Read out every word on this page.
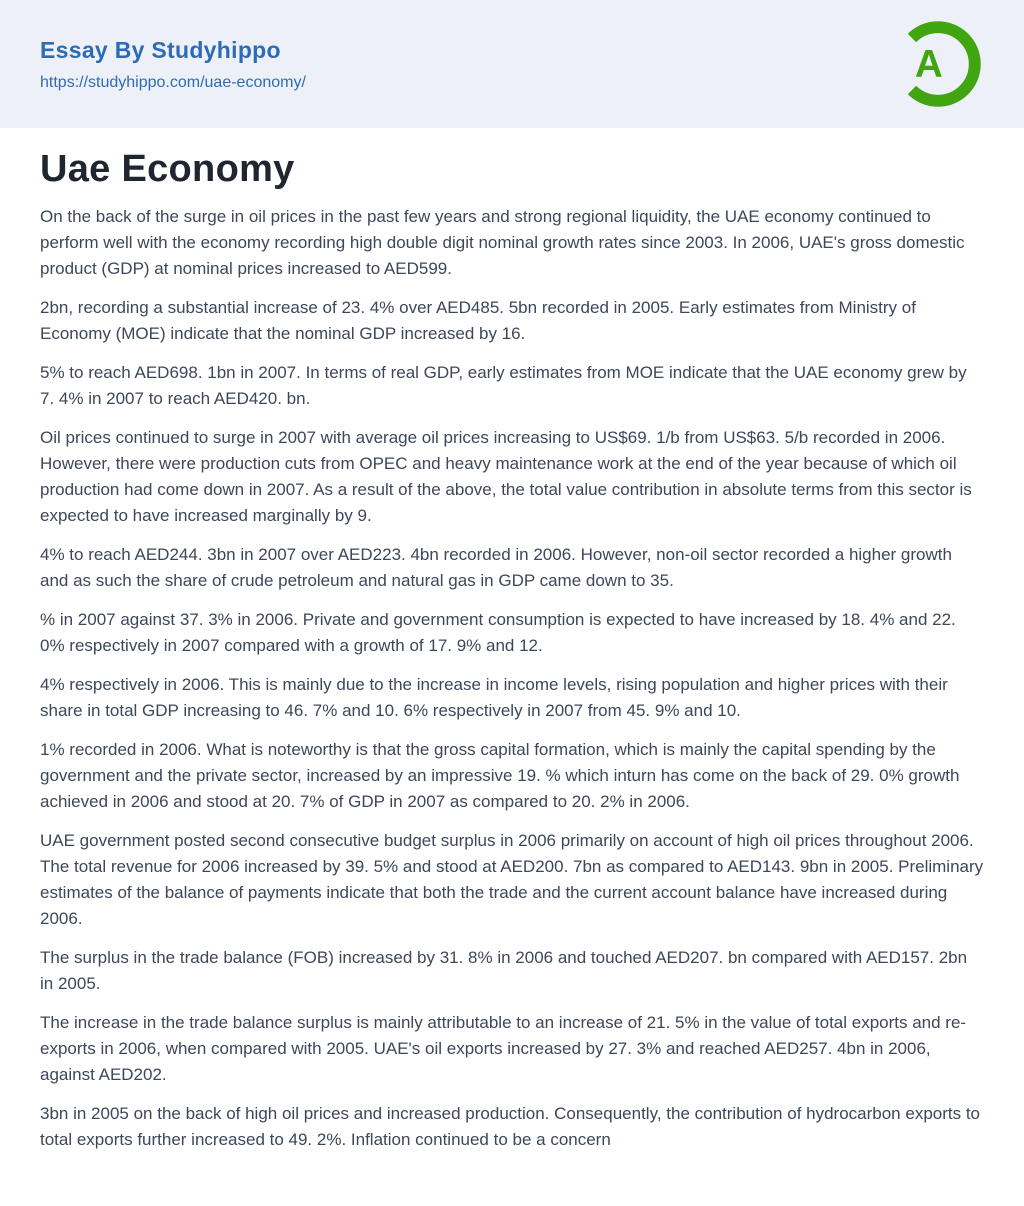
Essay By Studyhippo
https://studyhippo.com/uae-economy/	A
Uae Economy

On the back of the surge in oil prices in the past few years and strong regional liquidity, the UAE economy continued to perform well with the economy recording high double digit nominal growth rates since 2003. In 2006, UAE's gross domestic product (GDP) at nominal prices increased to AED599.

2bn, recording a substantial increase of 23. 4% over AED485. 5bn recorded in 2005. Early estimates from Ministry of Economy (MOE) indicate that the nominal GDP increased by 16.

5% to reach AED698. 1bn in 2007. In terms of real GDP, early estimates from MOE indicate that the UAE economy grew by 7. 4% in 2007 to reach AED420. bn.

Oil prices continued to surge in 2007 with average oil prices increasing to US$69. 1/b from US$63. 5/b recorded in 2006. However, there were production cuts from OPEC and heavy maintenance work at the end of the year because of which oil production had come down in 2007. As a result of the above, the total value contribution in absolute terms from this sector is expected to have increased marginally by 9.

4% to reach AED244. 3bn in 2007 over AED223. 4bn recorded in 2006. However, non-oil sector recorded a higher growth and as such the share of crude petroleum and natural gas in GDP came down to 35.

% in 2007 against 37. 3% in 2006. Private and government consumption is expected to have increased by 18. 4% and 22. 0% respectively in 2007 compared with a growth of 17. 9% and 12.

4% respectively in 2006. This is mainly due to the increase in income levels, rising population and higher prices with their share in total GDP increasing to 46. 7% and 10. 6% respectively in 2007 from 45. 9% and 10.

1% recorded in 2006. What is noteworthy is that the gross capital formation, which is mainly the capital spending by the government and the private sector, increased by an impressive 19. % which inturn has come on the back of 29. 0% growth achieved in 2006 and stood at 20. 7% of GDP in 2007 as compared to 20. 2% in 2006.

UAE government posted second consecutive budget surplus in 2006 primarily on account of high oil prices throughout 2006. The total revenue for 2006 increased by 39. 5% and stood at AED200. 7bn as compared to AED143. 9bn in 2005. Preliminary estimates of the balance of payments indicate that both the trade and the current account balance have increased during 2006.

The surplus in the trade balance (FOB) increased by 31. 8% in 2006 and touched AED207. bn compared with AED157. 2bn in 2005.

The increase in the trade balance surplus is mainly attributable to an increase of 21. 5% in the value of total exports and re-exports in 2006, when compared with 2005. UAE's oil exports increased by 27. 3% and reached AED257. 4bn in 2006, against AED202.

3bn in 2005 on the back of high oil prices and increased production. Consequently, the contribution of hydrocarbon exports to total exports further increased to 49. 2%. Inflation continued to be a concern
